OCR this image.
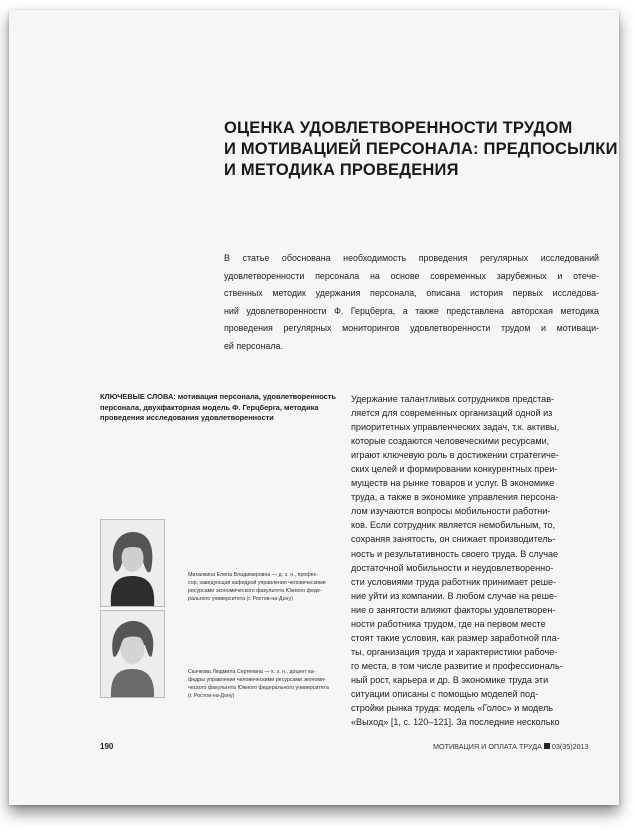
ОЦЕНКА УДОВЛЕТВОРЕННОСТИ ТРУДОМ
И МОТИВАЦИЕЙ ПЕРСОНАЛА: ПРЕДПОСЫЛКИ
И МЕТОДИКА ПРОВЕДЕНИЯ
В статье обоснована необходимость проведения регулярных исследований
удовлетворенности персонала на основе современных зарубежных и отече-
ственных методик удержания персонала, описана история первых исследова-
ний удовлетворенности Ф. Герцберга, а также представлена авторская методика
проведения регулярных мониторингов удовлетворенности трудом и мотиваци-
ей персонала.
КЛЮЧЕВЫЕ СЛОВА: мотивация персонала, удовлетворенность
персонала, двухфакторная модель Ф. Герцберга, методика
проведения исследования удовлетворенности
Удержание талантливых сотрудников представ-
ляется для современных организаций одной из
приоритетных управленческих задач, т.к. активы,
которые создаются человеческими ресурсами,
играют ключевую роль в достижении стратегиче-
ских целей и формировании конкурентных преи-
муществ на рынке товаров и услуг. В экономике
труда, а также в экономике управления персона-
лом изучаются вопросы мобильности работни-
ков. Если сотрудник является немобильным, то,
сохраняя занятость, он снижает производитель-
ность и результативность своего труда. В случае
достаточной мобильности и неудовлетворенно-
сти условиями труда работник принимает реше-
ние уйти из компании. В любом случае на реше-
ние о занятости влияют факторы удовлетворен-
ности работника трудом, где на первом месте
стоят такие условия, как размер заработной пла-
ты, организация труда и характеристики рабоче-
го места, в том числе развитие и профессиональ-
ный рост, карьера и др. В экономике труда эти
ситуации описаны с помощью моделей под-
стройки рынка труда: модель «Голос» и модель
«Выход» [1, с. 120–121]. За последние несколько
Михалкина Елена Владимировна — д. э. н., профес-
сор, заведующая кафедрой управления человеческими
ресурсами экономического факультета Южного феде-
рального университета (г. Ростов-на-Дону)
Скачкова Людмила Сергеевна — к. э. н., доцент ка-
федры управления человеческими ресурсами экономи-
ческого факультета Южного федерального университета
(г. Ростов-на-Дону)
190	МОТИВАЦИЯ И ОПЛАТА ТРУДА 03(35)2013
